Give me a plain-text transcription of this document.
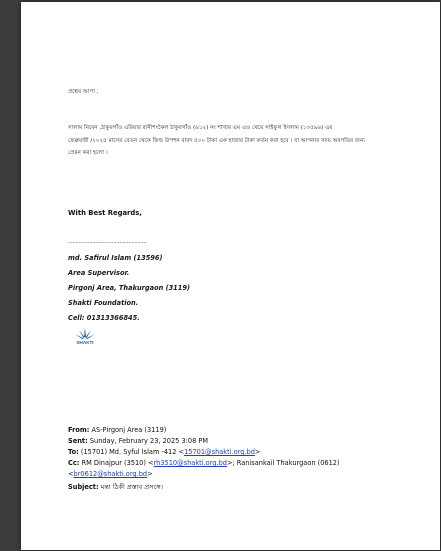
প্রশ্নেয় আপা ,
সালাম নিবেন ,ঠাকুরগাঁও এরিয়ার রানীশংকৈল ঠাকুরগাঁও (৬১২) নং শাখার এম এও থেয়ে সাইফুল ইসলাম (১৩৫৯৬) এর
ফেব্রুয়ারী /২০২৫ মাসের বেতন থেকে ফিল্ড উপশন বাবদ ৫০০ টাকা এক হাজার টাকা কর্তন করা হবে । যা আপনার সদয় অবগতির জন্য
প্রেরন করা হলো ।
With Best Regards,
....................................................
md. Safirul Islam (13596)
Area Supervisor.
Pirgonj Area, Thakurgaon (3119)
Shakti Foundation.
Cell: 01313366845.
SHAKTI
From: AS-Pirgonj Area (3119)
Sent: Sunday, February 23, 2025 3:08 PM
To: (15701) Md. Syful Islam -412 <15701@shakti.org.bd>
Cc: RM Dinajpur (3510) <rh3510@shakti.org.bd>; Ranisankail Thakurgaon (0612)
<br0612@shakti.org.bd>
Subject: মন্তা ঠিকী প্রস্তাব প্রসঙ্গে।
